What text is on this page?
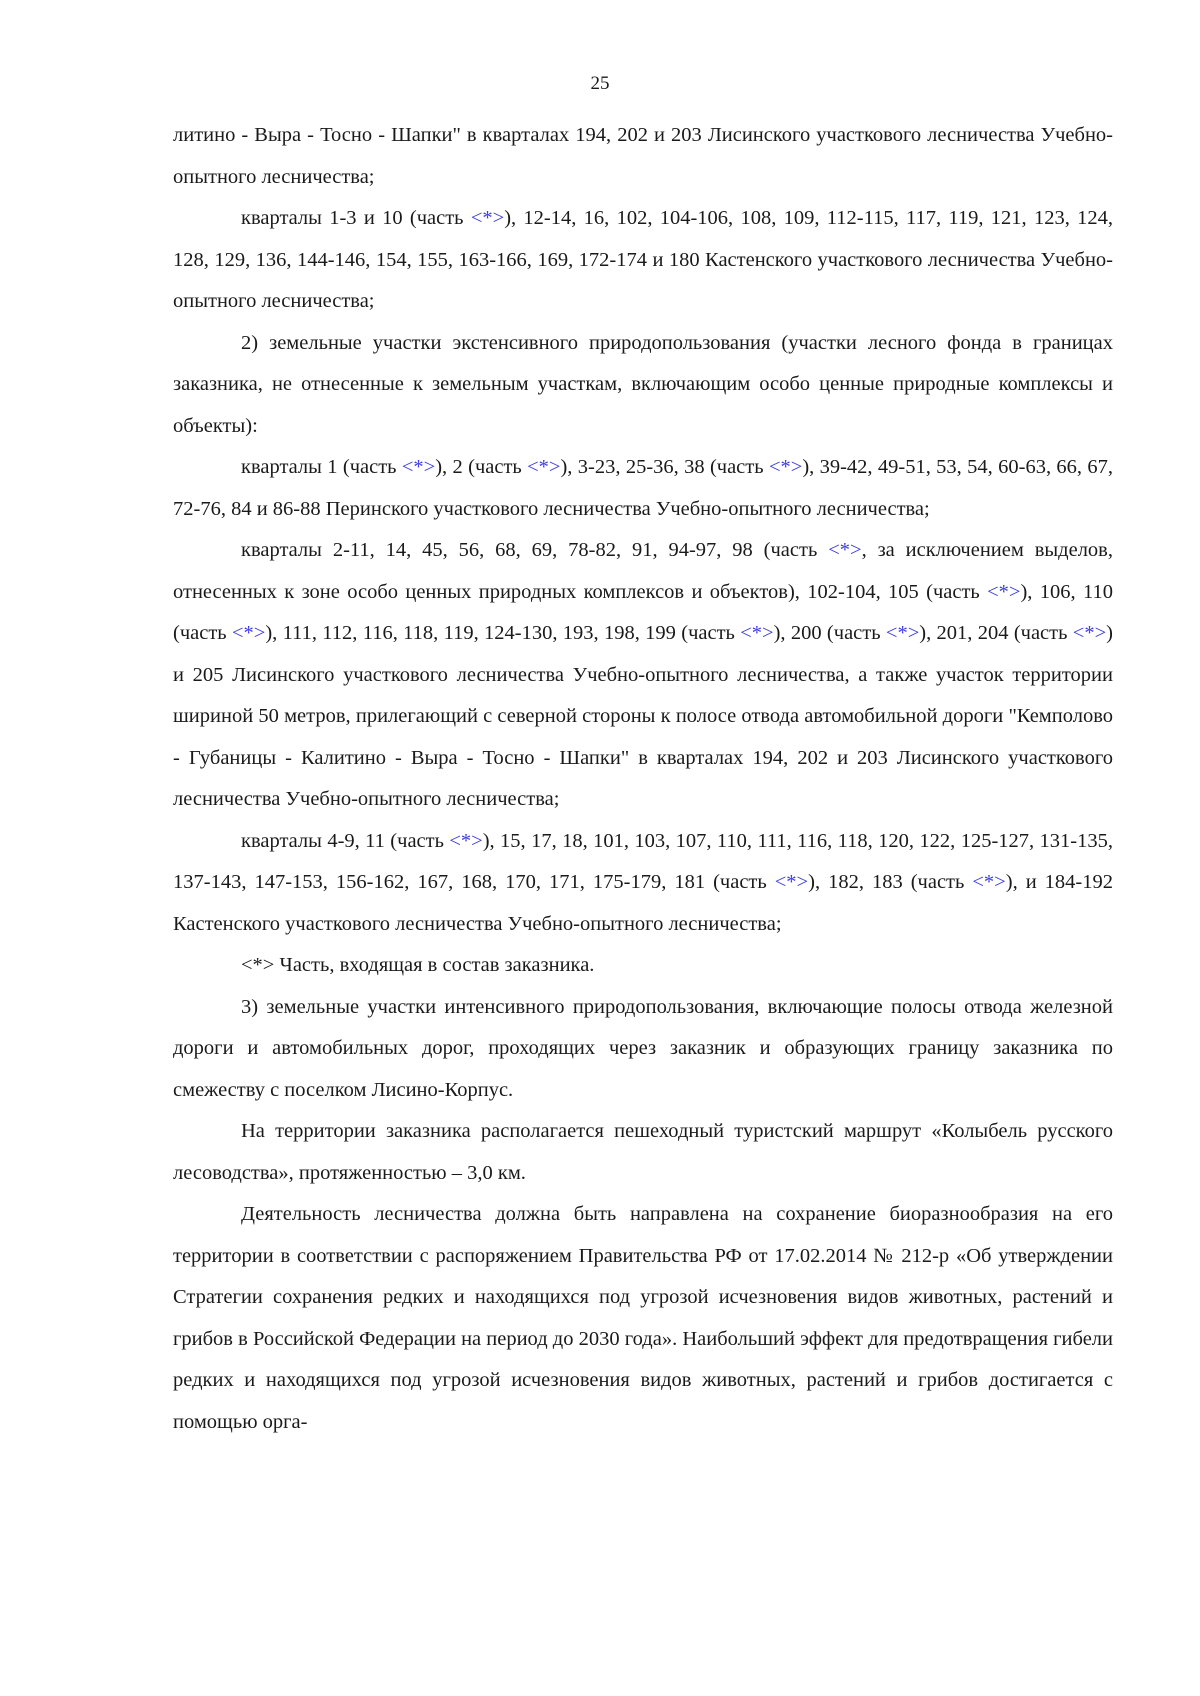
25

литино - Выра - Тосно - Шапки" в кварталах 194, 202 и 203 Лисинского участкового лесничества Учебно-опытного лесничества;

кварталы 1-3 и 10 (часть <*>), 12-14, 16, 102, 104-106, 108, 109, 112-115, 117, 119, 121, 123, 124, 128, 129, 136, 144-146, 154, 155, 163-166, 169, 172-174 и 180 Кастенского участкового лесничества Учебно-опытного лесничества;

2) земельные участки экстенсивного природопользования (участки лесного фонда в границах заказника, не отнесенные к земельным участкам, включающим особо ценные природные комплексы и объекты):

кварталы 1 (часть <*>), 2 (часть <*>), 3-23, 25-36, 38 (часть <*>), 39-42, 49-51, 53, 54, 60-63, 66, 67, 72-76, 84 и 86-88 Перинского участкового лесничества Учебно-опытного лесничества;

кварталы 2-11, 14, 45, 56, 68, 69, 78-82, 91, 94-97, 98 (часть <*>, за исключением выделов, отнесенных к зоне особо ценных природных комплексов и объектов), 102-104, 105 (часть <*>), 106, 110 (часть <*>), 111, 112, 116, 118, 119, 124-130, 193, 198, 199 (часть <*>), 200 (часть <*>), 201, 204 (часть <*>) и 205 Лисинского участкового лесничества Учебно-опытного лесничества, а также участок территории шириной 50 метров, прилегающий с северной стороны к полосе отвода автомобильной дороги "Кемполово - Губаницы - Калитино - Выра - Тосно - Шапки" в кварталах 194, 202 и 203 Лисинского участкового лесничества Учебно-опытного лесничества;

кварталы 4-9, 11 (часть <*>), 15, 17, 18, 101, 103, 107, 110, 111, 116, 118, 120, 122, 125-127, 131-135, 137-143, 147-153, 156-162, 167, 168, 170, 171, 175-179, 181 (часть <*>), 182, 183 (часть <*>), и 184-192 Кастенского участкового лесничества Учебно-опытного лесничества;

<*> Часть, входящая в состав заказника.

3) земельные участки интенсивного природопользования, включающие полосы отвода железной дороги и автомобильных дорог, проходящих через заказник и образующих границу заказника по смежеству с поселком Лисино-Корпус.

На территории заказника располагается пешеходный туристский маршрут «Колыбель русского лесоводства», протяженностью – 3,0 км.

Деятельность лесничества должна быть направлена на сохранение биоразнообразия на его территории в соответствии с распоряжением Правительства РФ от 17.02.2014 № 212-р «Об утверждении Стратегии сохранения редких и находящихся под угрозой исчезновения видов животных, растений и грибов в Российской Федерации на период до 2030 года». Наибольший эффект для предотвращения гибели редких и находящихся под угрозой исчезновения видов животных, растений и грибов достигается с помощью орга-
